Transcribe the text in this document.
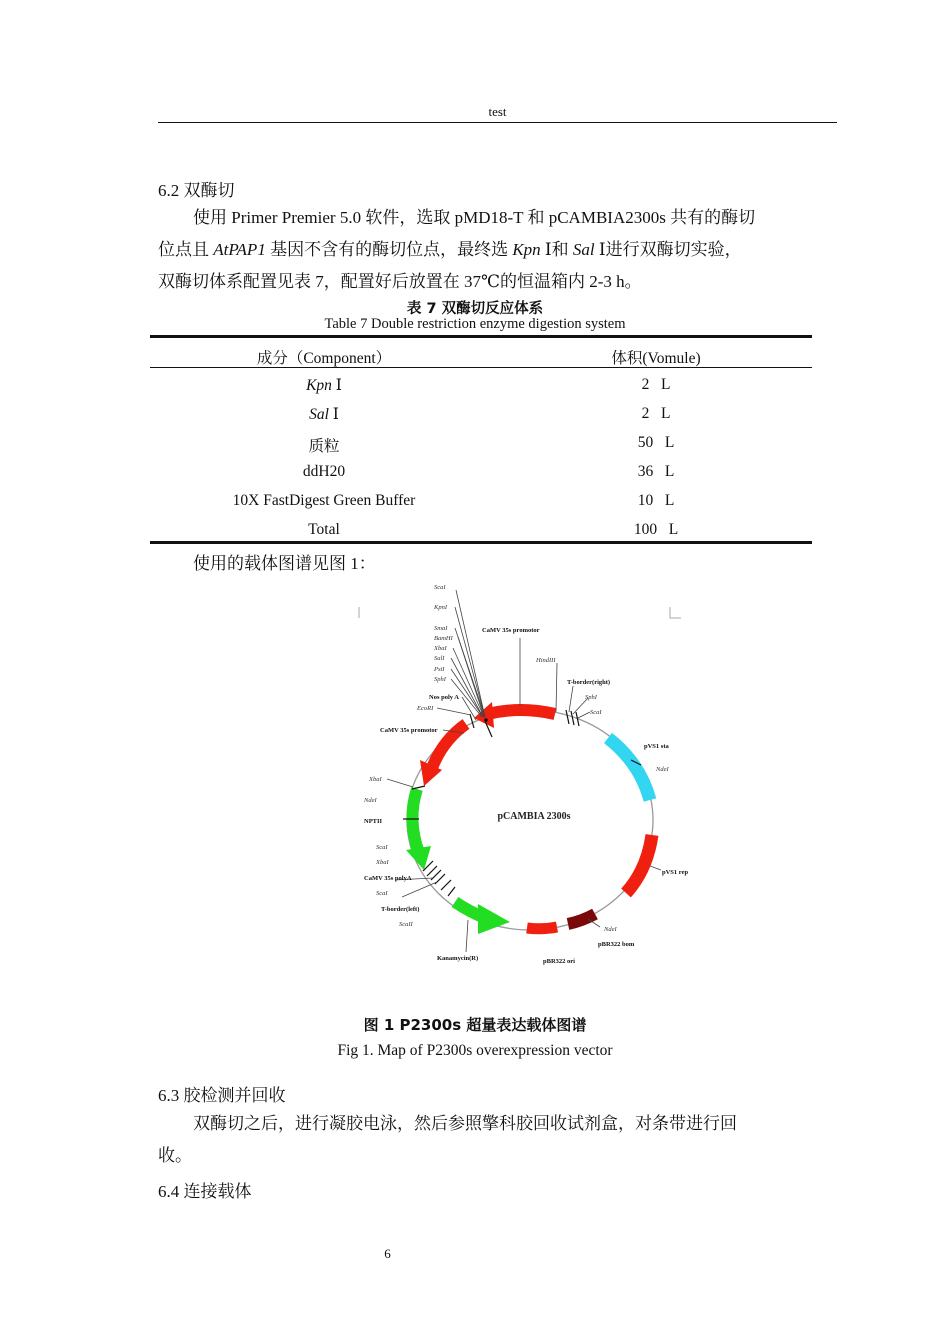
test
6.2 双酶切
使用 Primer Premier 5.0 软件，选取 pMD18-T 和 pCAMBIA2300s 共有的酶切
位点且 AtPAP1 基因不含有的酶切位点，最终选 Kpn Ⅰ和 Sal Ⅰ进行双酶切实验，
双酶切体系配置见表 7，配置好后放置在 37℃的恒温箱内 2-3 h。
表 7 双酶切反应体系
Table 7 Double restriction enzyme digestion system
成分（Component）	体积(Vomule)
Kpn Ⅰ	2   L
Sal Ⅰ	2   L
质粒	50   L
ddH20	36   L
10X FastDigest Green Buffer	10   L
Total	100   L
使用的载体图谱见图 1：
ScaI
KpnI
SmaI
BamHI
XbaI
SalI
PstI
SphI
Nos poly A
EcoRI
CaMV 35s promotor
CaMV 35s promotor
HindIII
T-border(right)
SphI
ScaI
pVS1 sta
NdeI
XbaI
NdeI
NPTII
ScaI
XbaI
CaMV 35s polyA
ScaI
T-border(left)
ScaII
pVS1 rep
NdeI
pBR322 bom
pBR322 ori
Kanamycin(R)
pCAMBIA 2300s
图 1 P2300s 超量表达载体图谱
Fig 1. Map of P2300s overexpression vector
6.3 胶检测并回收
双酶切之后，进行凝胶电泳，然后参照擎科胶回收试剂盒，对条带进行回
收。
6.4 连接载体
6
